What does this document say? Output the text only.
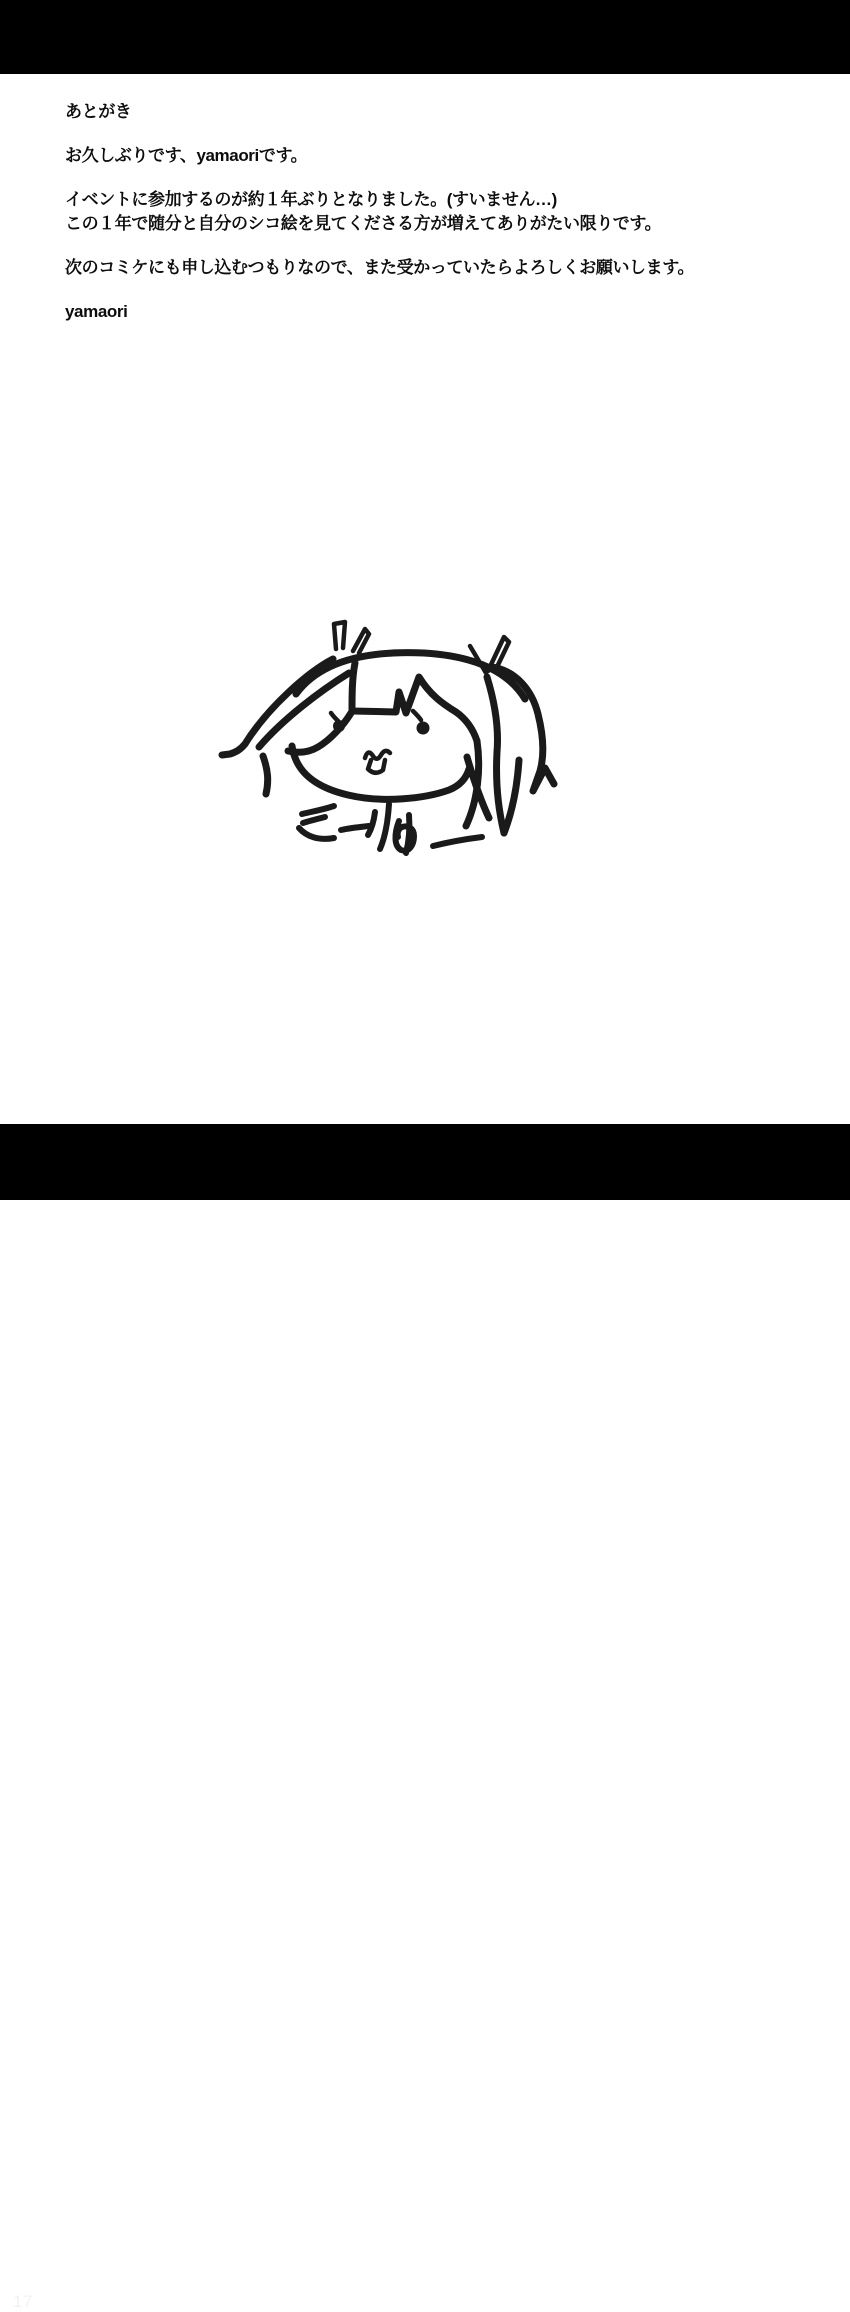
あとがき

お久しぶりです、yamaoriです。

イベントに参加するのが約１年ぶりとなりました。(すいません…)

この１年で随分と自分のシコ絵を見てくださる方が増えてありがたい限りです。

次のコミケにも申し込むつもりなので、また受かっていたらよろしくお願いします。

yamaori

17
